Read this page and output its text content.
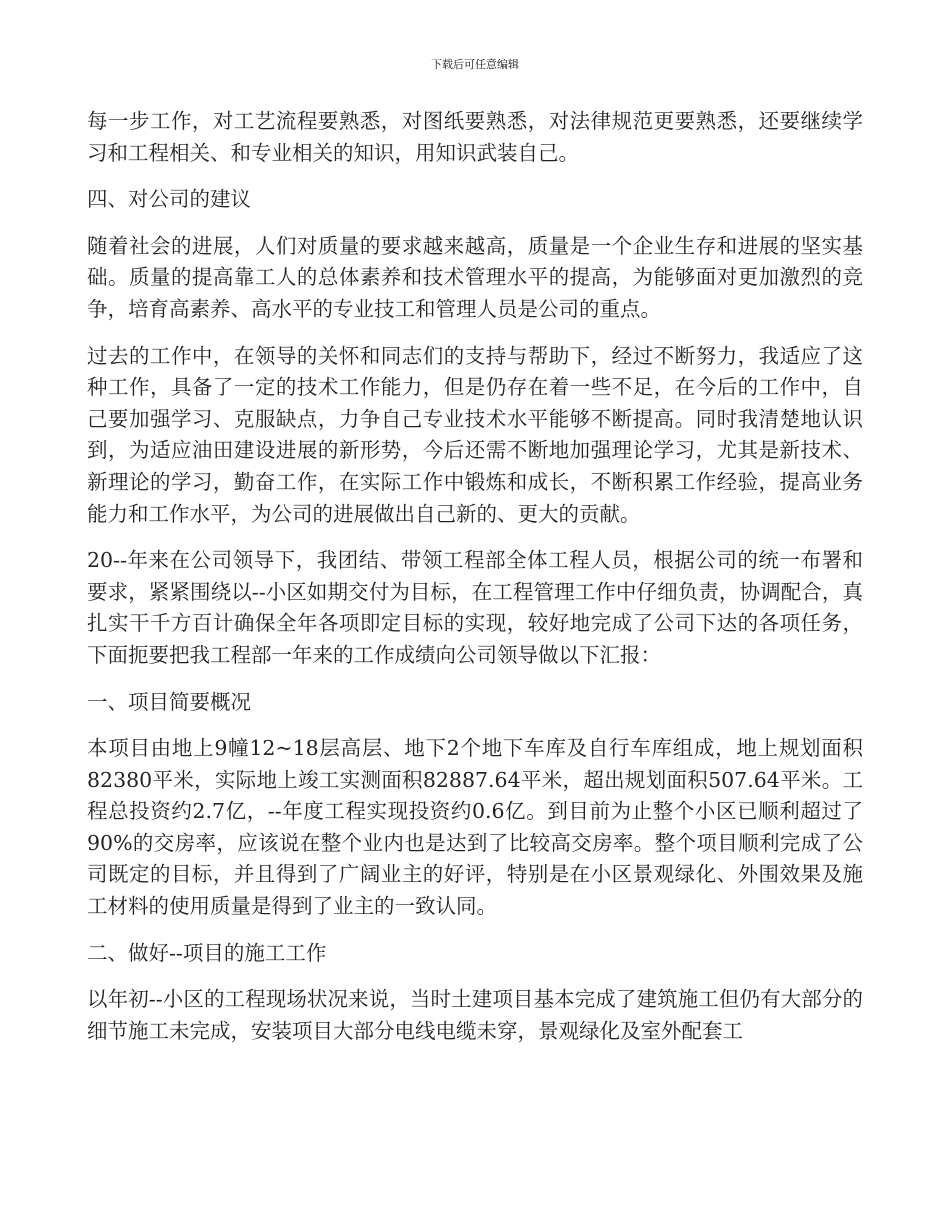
下载后可任意编辑

每一步工作，对工艺流程要熟悉，对图纸要熟悉，对法律规范更要熟悉，还要继续学习和工程相关、和专业相关的知识，用知识武装自己。

四、对公司的建议

随着社会的进展，人们对质量的要求越来越高，质量是一个企业生存和进展的坚实基础。质量的提高靠工人的总体素养和技术管理水平的提高，为能够面对更加激烈的竞争，培育高素养、高水平的专业技工和管理人员是公司的重点。

过去的工作中，在领导的关怀和同志们的支持与帮助下，经过不断努力，我适应了这种工作，具备了一定的技术工作能力，但是仍存在着一些不足，在今后的工作中，自己要加强学习、克服缺点，力争自己专业技术水平能够不断提高。同时我清楚地认识到，为适应油田建设进展的新形势，今后还需不断地加强理论学习，尤其是新技术、新理论的学习，勤奋工作，在实际工作中锻炼和成长，不断积累工作经验，提高业务能力和工作水平，为公司的进展做出自己新的、更大的贡献。

20--年来在公司领导下，我团结、带领工程部全体工程人员，根据公司的统一布署和要求，紧紧围绕以--小区如期交付为目标，在工程管理工作中仔细负责，协调配合，真扎实干千方百计确保全年各项即定目标的实现，较好地完成了公司下达的各项任务，下面扼要把我工程部一年来的工作成绩向公司领导做以下汇报：

一、项目简要概况

本项目由地上9幢12~18层高层、地下2个地下车库及自行车库组成，地上规划面积82380平米，实际地上竣工实测面积82887.64平米，超出规划面积507.64平米。工程总投资约2.7亿，--年度工程实现投资约0.6亿。到目前为止整个小区已顺利超过了90%的交房率，应该说在整个业内也是达到了比较高交房率。整个项目顺利完成了公司既定的目标，并且得到了广阔业主的好评，特别是在小区景观绿化、外围效果及施工材料的使用质量是得到了业主的一致认同。

二、做好--项目的施工工作

以年初--小区的工程现场状况来说，当时土建项目基本完成了建筑施工但仍有大部分的细节施工未完成，安装项目大部分电线电缆未穿，景观绿化及室外配套工
